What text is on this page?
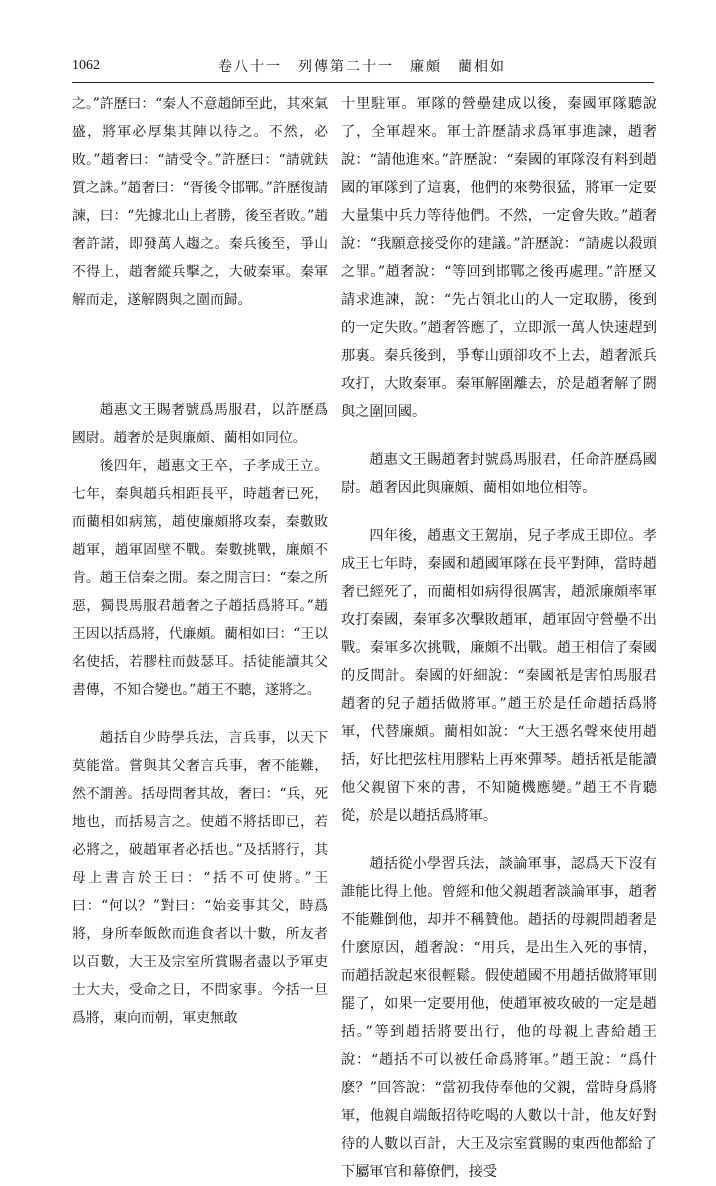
1062	卷八十一　列傳第二十一　廉頗　藺相如

之。”許歷曰：“秦人不意趙師至此，其來氣盛，將軍必厚集其陣以待之。不然，必敗。”趙奢曰：“請受令。”許歷曰：“請就鈇質之誅。”趙奢曰：“胥後令邯鄲。”許歷復請諫，曰：“先據北山上者勝，後至者敗。”趙奢許諾，即發萬人趨之。秦兵後至，爭山不得上，趙奢縱兵擊之，大破秦軍。秦軍解而走，遂解閼與之圍而歸。

趙惠文王賜奢號爲馬服君，以許歷爲國尉。趙奢於是與廉頗、藺相如同位。

後四年，趙惠文王卒，子孝成王立。七年，秦與趙兵相距長平，時趙奢已死，而藺相如病篤，趙使廉頗將攻秦，秦數敗趙軍，趙軍固壁不戰。秦數挑戰，廉頗不肯。趙王信秦之閒。秦之閒言曰：“秦之所惡，獨畏馬服君趙奢之子趙括爲將耳。”趙王因以括爲將，代廉頗。藺相如曰：“王以名使括，若膠柱而鼓瑟耳。括徒能讀其父書傳，不知合變也。”趙王不聽，遂將之。

趙括自少時學兵法，言兵事，以天下莫能當。嘗與其父奢言兵事，奢不能難，然不謂善。括母問奢其故，奢曰：“兵，死地也，而括易言之。使趙不將括即已，若必將之，破趙軍者必括也。”及括將行，其母上書言於王曰：“括不可使將。”王曰：“何以？”對曰：“始妾事其父，時爲將，身所奉飯飲而進食者以十數，所友者以百數，大王及宗室所賞賜者盡以予軍吏士大夫，受命之日，不問家事。今括一旦爲將，東向而朝，軍吏無敢

十里駐軍。軍隊的營壘建成以後，秦國軍隊聽說了，全軍趕來。軍士許歷請求爲軍事進諫，趙奢說：“請他進來。”許歷說：“秦國的軍隊沒有料到趙國的軍隊到了這裏，他們的來勢很猛，將軍一定要大量集中兵力等待他們。不然，一定會失敗。”趙奢說：“我願意接受你的建議。”許歷說：“請處以殺頭之罪。”趙奢說：“等回到邯鄲之後再處理。”許歷又請求進諫，說：“先占領北山的人一定取勝，後到的一定失敗。”趙奢答應了，立即派一萬人快速趕到那裏。秦兵後到，爭奪山頭卻攻不上去，趙奢派兵攻打，大敗秦軍。秦軍解圍離去，於是趙奢解了閼與之圍回國。

趙惠文王賜趙奢封號爲馬服君，任命許歷爲國尉。趙奢因此與廉頗、藺相如地位相等。

四年後，趙惠文王駕崩，兒子孝成王即位。孝成王七年時，秦國和趙國軍隊在長平對陣，當時趙奢已經死了，而藺相如病得很厲害，趙派廉頗率軍攻打秦國，秦軍多次擊敗趙軍，趙軍固守營壘不出戰。秦軍多次挑戰，廉頗不出戰。趙王相信了秦國的反間計。秦國的奸細說：“秦國衹是害怕馬服君趙奢的兒子趙括做將軍。”趙王於是任命趙括爲將軍，代替廉頗。藺相如說：“大王憑名聲來使用趙括，好比把弦柱用膠粘上再來彈琴。趙括衹是能讀他父親留下來的書，不知隨機應變。”趙王不肯聽從，於是以趙括爲將軍。

趙括從小學習兵法，談論軍事，認爲天下沒有誰能比得上他。曾經和他父親趙奢談論軍事，趙奢不能難倒他，却并不稱贊他。趙括的母親問趙奢是什麽原因，趙奢說：“用兵，是出生入死的事情，而趙括說起來很輕鬆。假使趙國不用趙括做將軍則罷了，如果一定要用他，使趙軍被攻破的一定是趙括。”等到趙括將要出行，他的母親上書給趙王說：“趙括不可以被任命爲將軍。”趙王說：“爲什麽？”回答說：“當初我侍奉他的父親，當時身爲將軍，他親自端飯招待吃喝的人數以十計，他友好對待的人數以百計，大王及宗室賞賜的東西他都給了下屬軍官和幕僚們，接受
